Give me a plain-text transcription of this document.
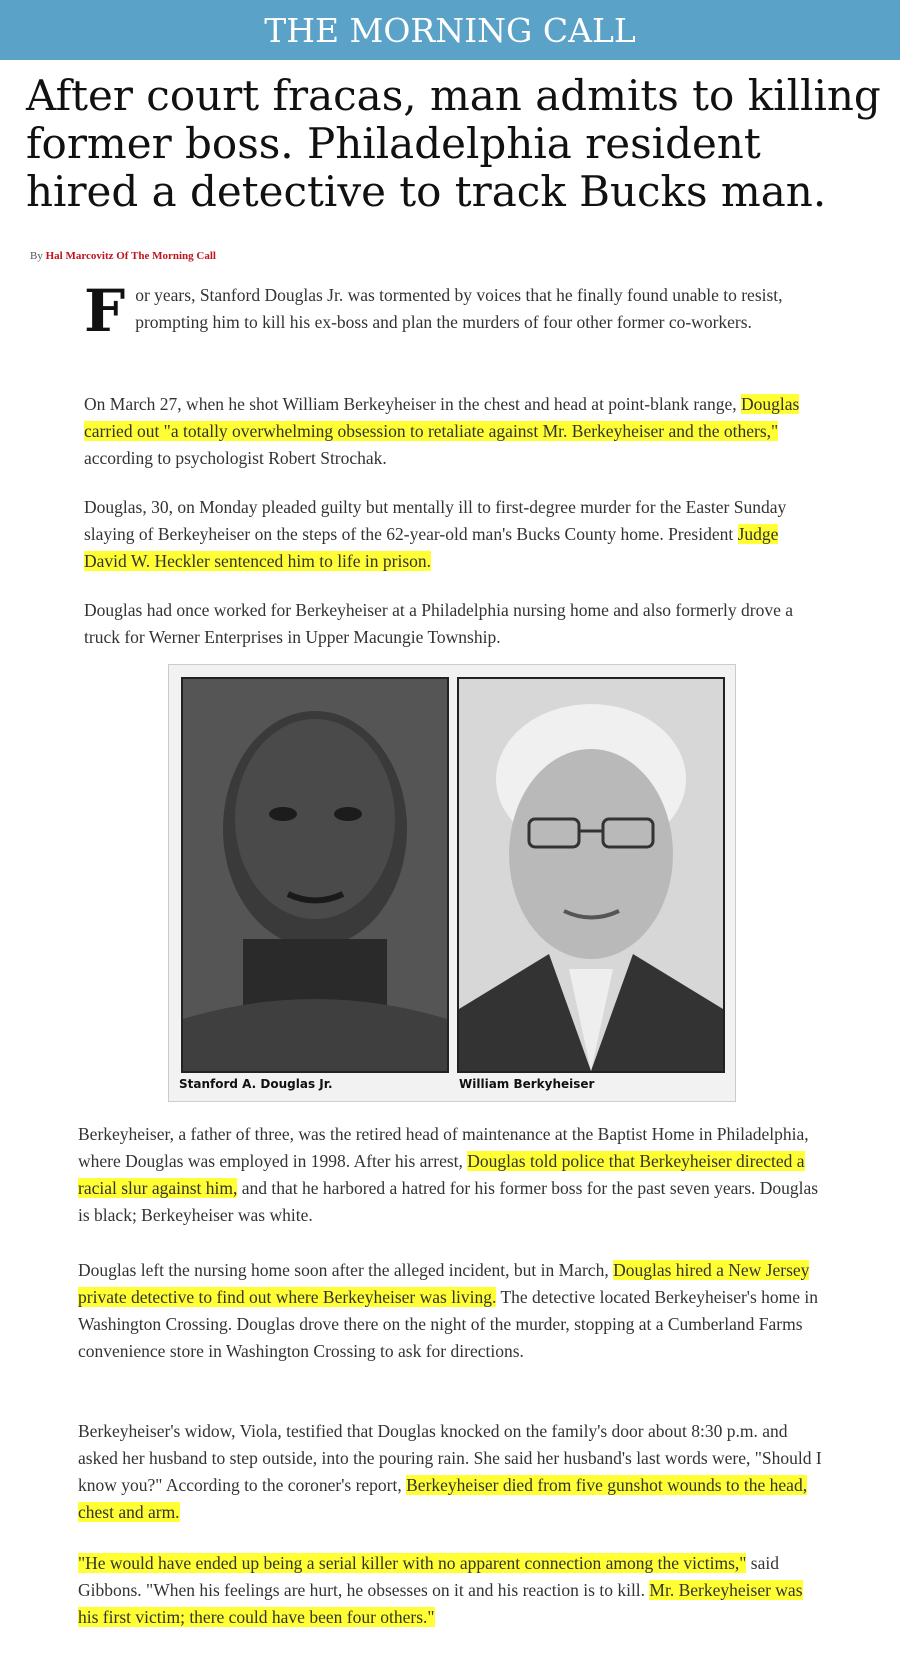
THE MORNING CALL
After court fracas, man admits to killing former boss. Philadelphia resident hired a detective to track Bucks man.
By Hal Marcovitz Of The Morning Call

For years, Stanford Douglas Jr. was tormented by voices that he finally found unable to resist, prompting him to kill his ex-boss and plan the murders of four other former co-workers.

On March 27, when he shot William Berkeyheiser in the chest and head at point-blank range, Douglas carried out "a totally overwhelming obsession to retaliate against Mr. Berkeyheiser and the others," according to psychologist Robert Strochak.

Douglas, 30, on Monday pleaded guilty but mentally ill to first-degree murder for the Easter Sunday slaying of Berkeyheiser on the steps of the 62-year-old man's Bucks County home. President Judge David W. Heckler sentenced him to life in prison.

Douglas had once worked for Berkeyheiser at a Philadelphia nursing home and also formerly drove a truck for Werner Enterprises in Upper Macungie Township.

Stanford A. Douglas Jr.	William Berkyheiser

Berkeyheiser, a father of three, was the retired head of maintenance at the Baptist Home in Philadelphia, where Douglas was employed in 1998. After his arrest, Douglas told police that Berkeyheiser directed a racial slur against him, and that he harbored a hatred for his former boss for the past seven years. Douglas is black; Berkeyheiser was white.

Douglas left the nursing home soon after the alleged incident, but in March, Douglas hired a New Jersey private detective to find out where Berkeyheiser was living. The detective located Berkeyheiser's home in Washington Crossing. Douglas drove there on the night of the murder, stopping at a Cumberland Farms convenience store in Washington Crossing to ask for directions.

Berkeyheiser's widow, Viola, testified that Douglas knocked on the family's door about 8:30 p.m. and asked her husband to step outside, into the pouring rain. She said her husband's last words were, "Should I know you?" According to the coroner's report, Berkeyheiser died from five gunshot wounds to the head, chest and arm.

"He would have ended up being a serial killer with no apparent connection among the victims," said Gibbons. "When his feelings are hurt, he obsesses on it and his reaction is to kill. Mr. Berkeyheiser was his first victim; there could have been four others."
